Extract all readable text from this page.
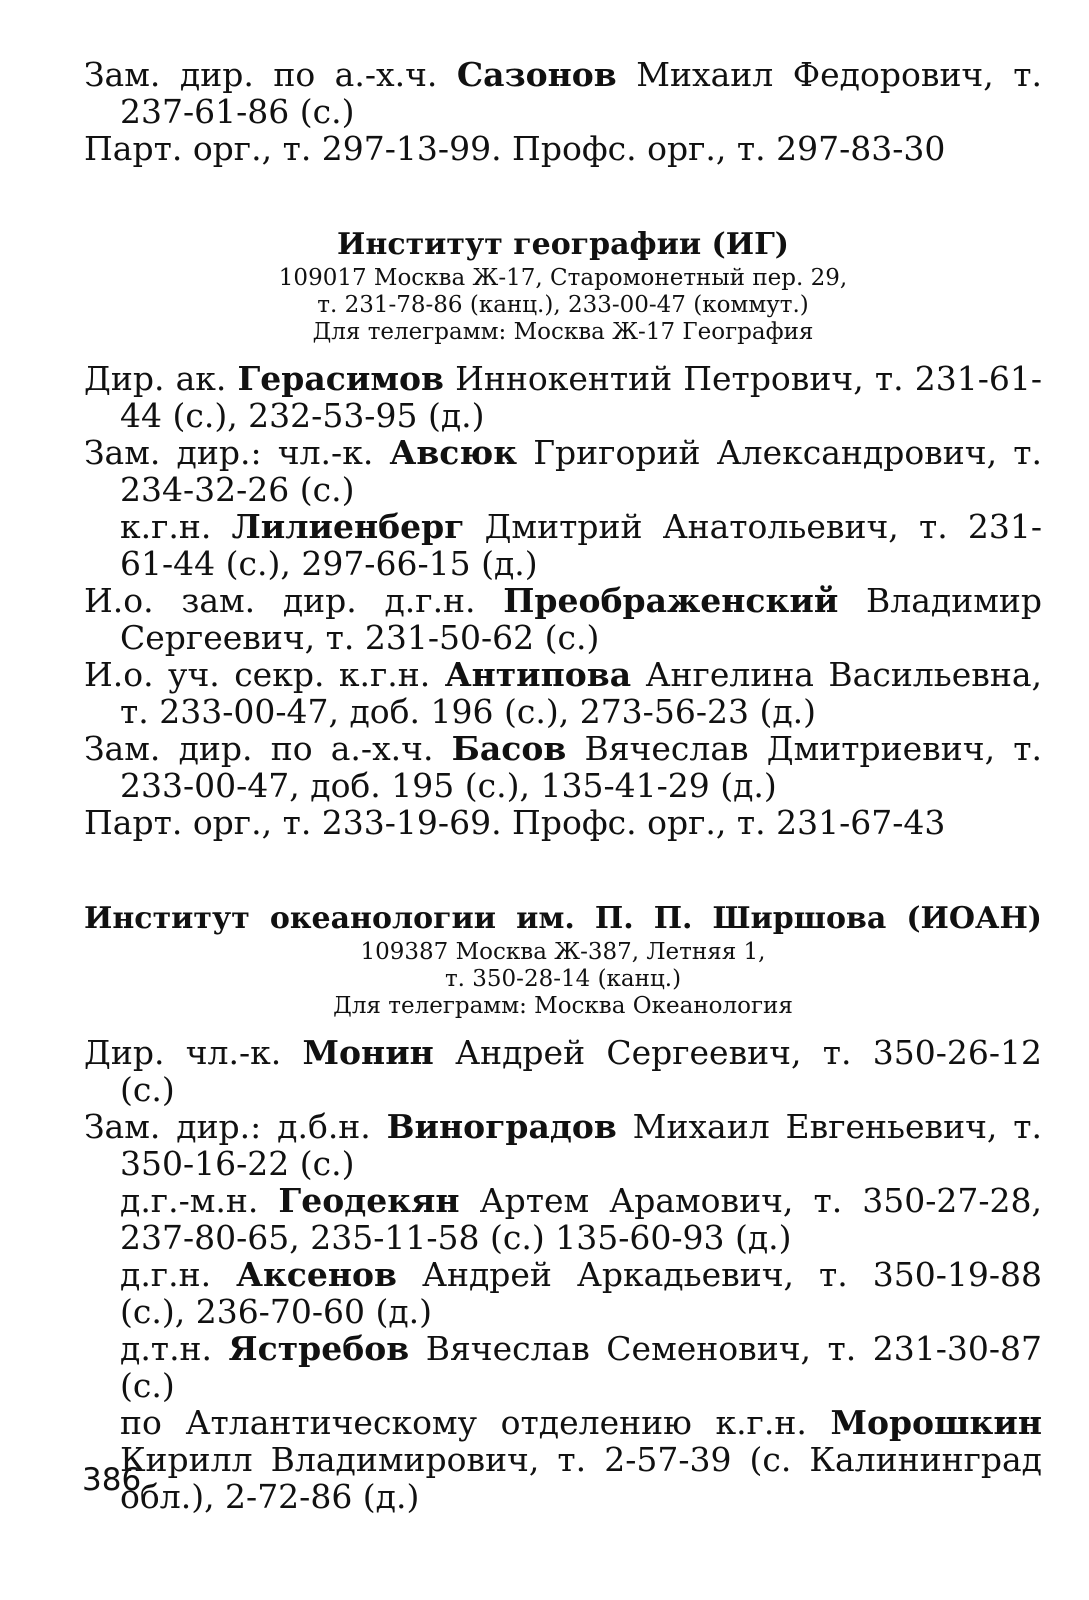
Зам. дир. по а.-х.ч. Сазонов Михаил Федорович, т. 237-61-86 (с.)

Парт. орг., т. 297-13-99. Профс. орг., т. 297-83-30

Институт географии (ИГ)

109017 Москва Ж-17, Старомонетный пер. 29,

т. 231-78-86 (канц.), 233-00-47 (коммут.)

Для телеграмм: Москва Ж-17 География

Дир. ак. Герасимов Иннокентий Петрович, т. 231-61-44 (с.), 232-53-95 (д.)

Зам. дир.: чл.-к. Авсюк Григорий Александрович, т. 234-32-26 (с.)

к.г.н. Лилиенберг Дмитрий Анатольевич, т. 231-61-44 (с.), 297-66-15 (д.)

И.о. зам. дир. д.г.н. Преображенский Владимир Сергеевич, т. 231-50-62 (с.)

И.о. уч. секр. к.г.н. Антипова Ангелина Васильевна, т. 233-00-47, доб. 196 (с.), 273-56-23 (д.)

Зам. дир. по а.-х.ч. Басов Вячеслав Дмитриевич, т. 233-00-47, доб. 195 (с.), 135-41-29 (д.)

Парт. орг., т. 233-19-69. Профс. орг., т. 231-67-43

Институт океанологии им. П. П. Ширшова (ИОАН)

109387 Москва Ж-387, Летняя 1,

т. 350-28-14 (канц.)

Для телеграмм: Москва Океанология

Дир. чл.-к. Монин Андрей Сергеевич, т. 350-26-12 (с.)

Зам. дир.: д.б.н. Виноградов Михаил Евгеньевич, т. 350-16-22 (с.)

д.г.-м.н. Геодекян Артем Арамович, т. 350-27-28, 237-80-65, 235-11-58 (с.) 135-60-93 (д.)

д.г.н. Аксенов Андрей Аркадьевич, т. 350-19-88 (с.), 236-70-60 (д.)

д.т.н. Ястребов Вячеслав Семенович, т. 231-30-87 (с.)

по Атлантическому отделению к.г.н. Морошкин Кирилл Владимирович, т. 2-57-39 (с. Калининград обл.), 2-72-86 (д.)

386
